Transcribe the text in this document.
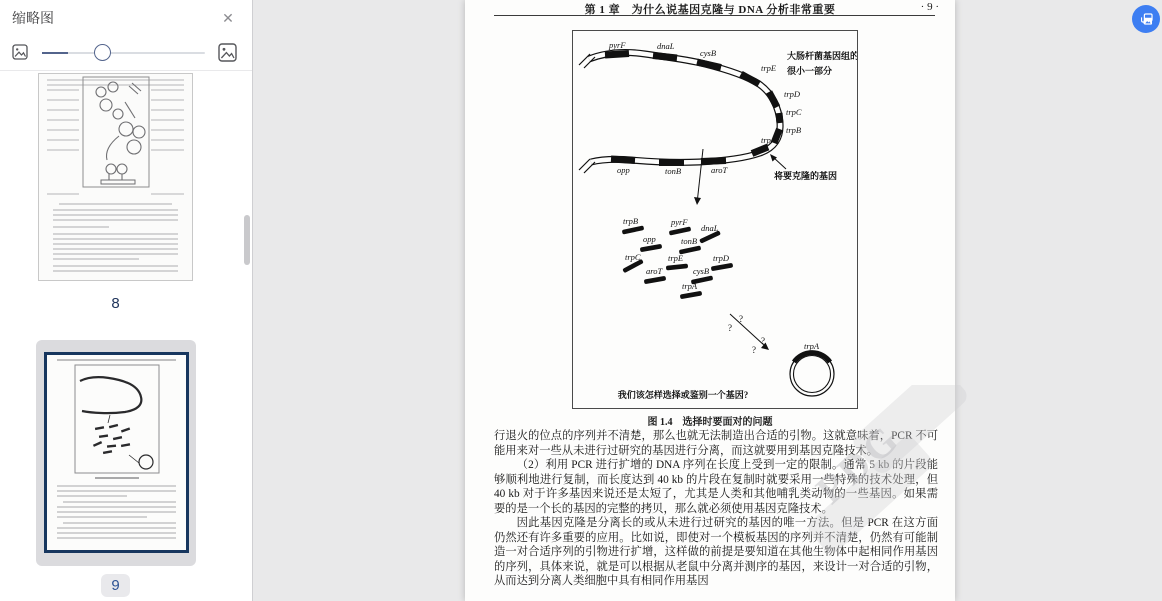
缩略图	✕
8
9
第 1 章　为什么说基因克隆与 DNA 分析非常重要	· 9 ·
pyrF	dnaL
cysB
trpE
trpD
trpC
trpB
trpA
opp	tonB	aroT
大肠杆菌基因组的
很小一部分
将要克隆的基因
trpB	pyrF
dnaL
opp	tonB
trpC	trpE	trpD
aroT	cysB
trpA
?
?
?
?	trpA
我们该怎样选择或鉴别一个基因?
图 1.4　选择时要面对的问题

行退火的位点的序列并不清楚，那么也就无法制造出合适的引物。这就意味着，PCR 不可能用来对一些从未进行过研究的基因进行分离，而这就要用到基因克隆技术。

（2）利用 PCR 进行扩增的 DNA 序列在长度上受到一定的限制。通常 5 kb 的片段能够顺利地进行复制，而长度达到 40 kb 的片段在复制时就要采用一些特殊的技术处理，但 40 kb 对于许多基因来说还是太短了，尤其是人类和其他哺乳类动物的一些基因。如果需要的是一个长的基因的完整的拷贝，那么就必须使用基因克隆技术。

因此基因克隆是分离长的或从未进行过研究的基因的唯一方法。但是 PCR 在这方面仍然还有许多重要的应用。比如说，即使对一个模板基因的序列并不清楚，仍然有可能制造一对合适序列的引物进行扩增，这样做的前提是要知道在其他生物体中起相同作用基因的序列，具体来说，就是可以根据从老鼠中分离并测序的基因，来设计一对合适的引物，从而达到分离人类细胞中具有相同作用基因

PDG
